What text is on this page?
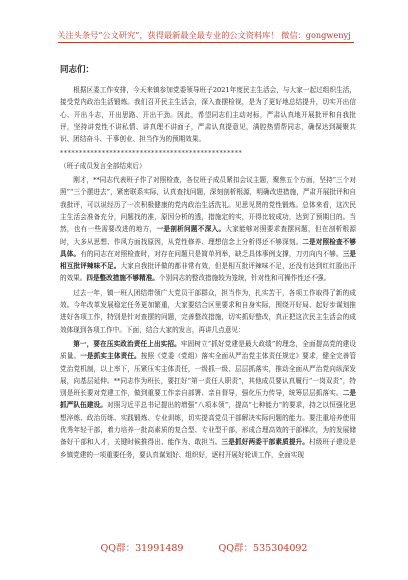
关注头条号“公文研究”，获得最新最全最专业的公文资料库！ 微信：gongwenyj
同志们：

根据区委工作安排，今天来镇参加党委领导班子2021年度民主生活会，与大家一起过组织生活，接受党内政治生活锻炼。我们召开民主生活会，深入查摆检视，是为了更好地总结提升，切实开出信心、开出斗志，开出思路、开出干劲。因此，希望同志们主动对标，严肃认真地开展批评和自我批评，坚持讲党性不讲私情、讲真理不讲面子，严肃认真提意见，满腔热情帮同志，确保达到凝聚共识、团结奋斗、干事创业、担当作为的预期效果。

************************************************

（班子成员发言全部结束后）

刚才，**同志代表班子作了对照检查，各位班子成员紧扣会议主题，聚焦五个方面，坚持“三个对照”“三个摆进去”，紧密联系实际，认真查找问题，深刻剖析根源，明确改进措施，严肃开展批评和自我批评，可以说经历了一次积极健康的党内政治生活洗礼。见思见贤的党性锻炼。总体来看，这次民主生活会准备充分，问题找的准，原因分析的透，措施定的实，开得比较成功，达到了预期目的。当然，也有一些需要改进的地方，一是剖析问题不深入。大家能够对照要求查摆问题，但在剖析根源时，大多从思想、作风方面找原因，从党性修养、理想信念上分析得还不够深刻。二是对照检查不够具体。有的同志在对照检查时，对存在问题只是简单列举，缺乏具体事例支撑，刀刃向内不够。三是相互批评辣味不足。大家自我批评做的都非常有效，但是相互批评辣味不足，还没有达到红红脸出汗的效果。四是整改措施不够精准。个别同志的整改措施较为笼统，针对性和可操作性还不强。

过去一年，镇一班人团结带领广大党员干部群众，担当作为，扎实苦干，各项工作取得了新的成效。今年改革发展稳定任务更加繁重，大家要结合区里要求和自身实际，围绕开好局、起好步谋划推进好各项工作，特别是针对查摆的问题，完善整改措施，切实抓好整改，真正把这次民主生活会的成效体现到各项工作中。下面，结合大家的发言，再讲几点意见：

第一，要在压实政治责任上出实招。牢固树立“抓好党建是最大政绩”的理念，全面提高党的建设质量。一是抓实主体责任。按照《党委（党组）落实全面从严治党主体责任规定》要求，健全完善管党治党机制，以上率下，压紧压实主体责任，一级抓一级、层层抓落实，推动全面从严治党向纵深发展，向基层延伸。**同志作为班长，要扛好“第一责任人职责”，其他成员要认真履行“一岗双责”，特别是班长要对党建工作，做到重要工作亲自部署、亲自督导，强化压力传导，统筹层层抓落实。二是抓严队伍建设。对照习近平总书记提出的增强“八项本领”，提高“七种能力”的要求，持之以恒强化思想淬炼、政治历练、实践锻炼、专业训练，切实提高党员干部解决实际问题的能力。要注重培养使用优秀年轻干部，着力培养一批高素质的复合型、专业型干部，形成合理高效的干部梯次，为的发展储备好干部和人才，关键时候推得出、能作为、敢担当。三是抓好两委干部素质提升。村级班子建设是乡镇党建的一项重要任务，要认真谋划好、组织好，逐村开展好轮训工作，全面实现

QQ群：31991489	QQ群：535304092
